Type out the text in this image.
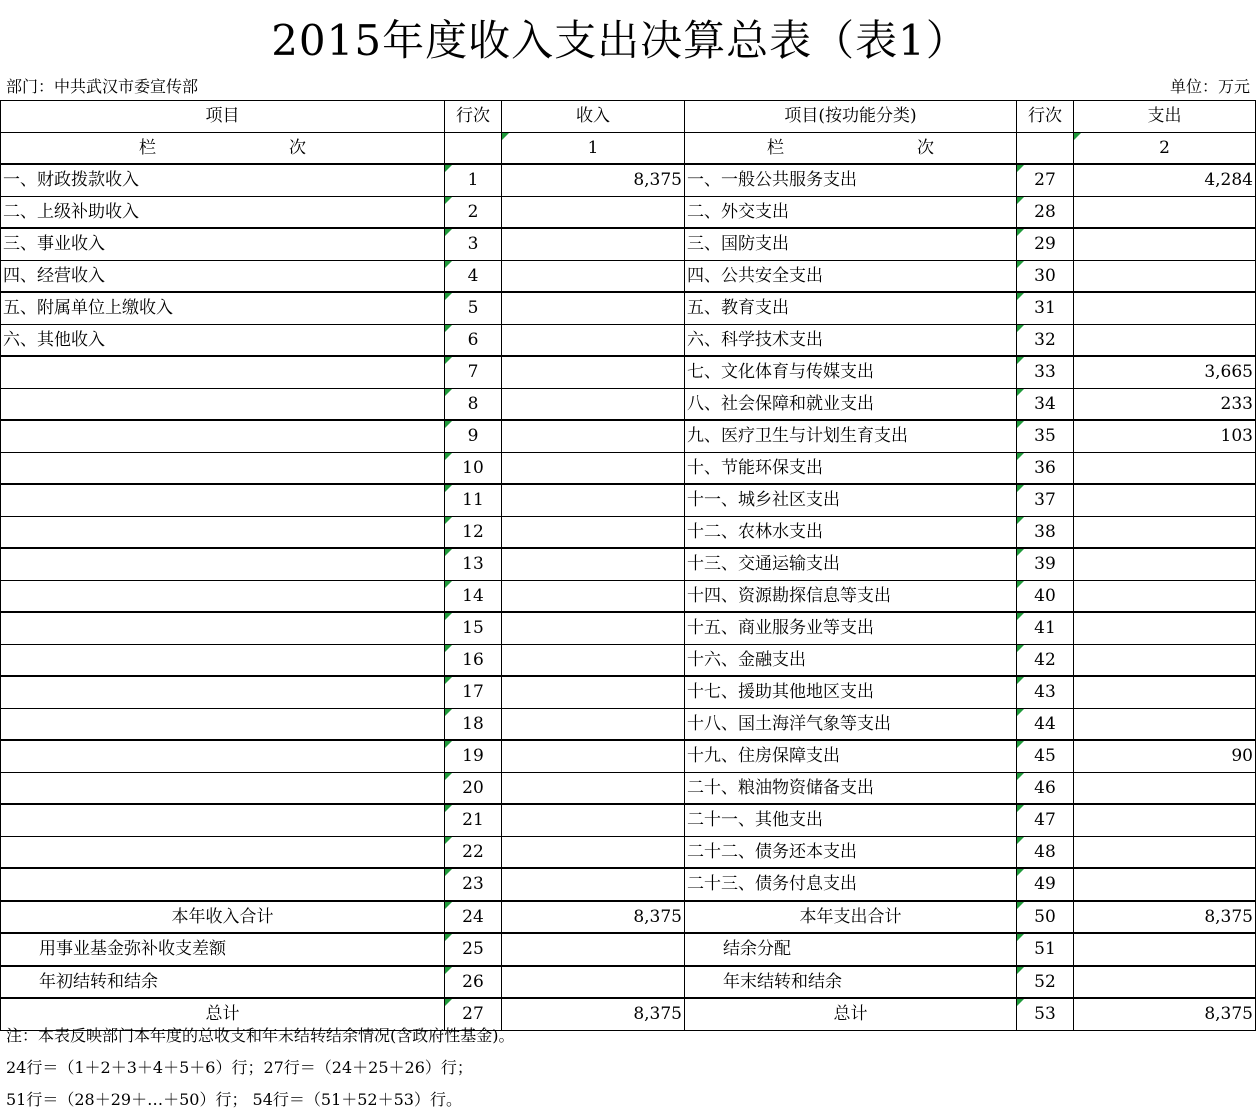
2015年度收入支出决算总表（表1）
部门：中共武汉市委宣传部	单位：万元
项目	行次	收入	项目(按功能分类)	行次	支出
栏 次		1	栏 次		2
一、财政拨款收入	1	8,375	一、一般公共服务支出	27	4,284
二、上级补助收入	2		二、外交支出	28	
三、事业收入	3		三、国防支出	29	
四、经营收入	4		四、公共安全支出	30	
五、附属单位上缴收入	5		五、教育支出	31	
六、其他收入	6		六、科学技术支出	32	
	7		七、文化体育与传媒支出	33	3,665
	8		八、社会保障和就业支出	34	233
	9		九、医疗卫生与计划生育支出	35	103
	10		十、节能环保支出	36	
	11		十一、城乡社区支出	37	
	12		十二、农林水支出	38	
	13		十三、交通运输支出	39	
	14		十四、资源勘探信息等支出	40	
	15		十五、商业服务业等支出	41	
	16		十六、金融支出	42	
	17		十七、援助其他地区支出	43	
	18		十八、国土海洋气象等支出	44	
	19		十九、住房保障支出	45	90
	20		二十、粮油物资储备支出	46	
	21		二十一、其他支出	47	
	22		二十二、债务还本支出	48	
	23		二十三、债务付息支出	49	
本年收入合计	24	8,375	本年支出合计	50	8,375
用事业基金弥补收支差额	25		结余分配	51	
年初结转和结余	26		年末结转和结余	52	
总计	27	8,375	总计	53	8,375
注：本表反映部门本年度的总收支和年末结转结余情况(含政府性基金)。
24行＝（1＋2＋3＋4＋5＋6）行；27行＝（24＋25＋26）行；
51行＝（28＋29＋…＋50）行； 54行＝（51＋52＋53）行。
